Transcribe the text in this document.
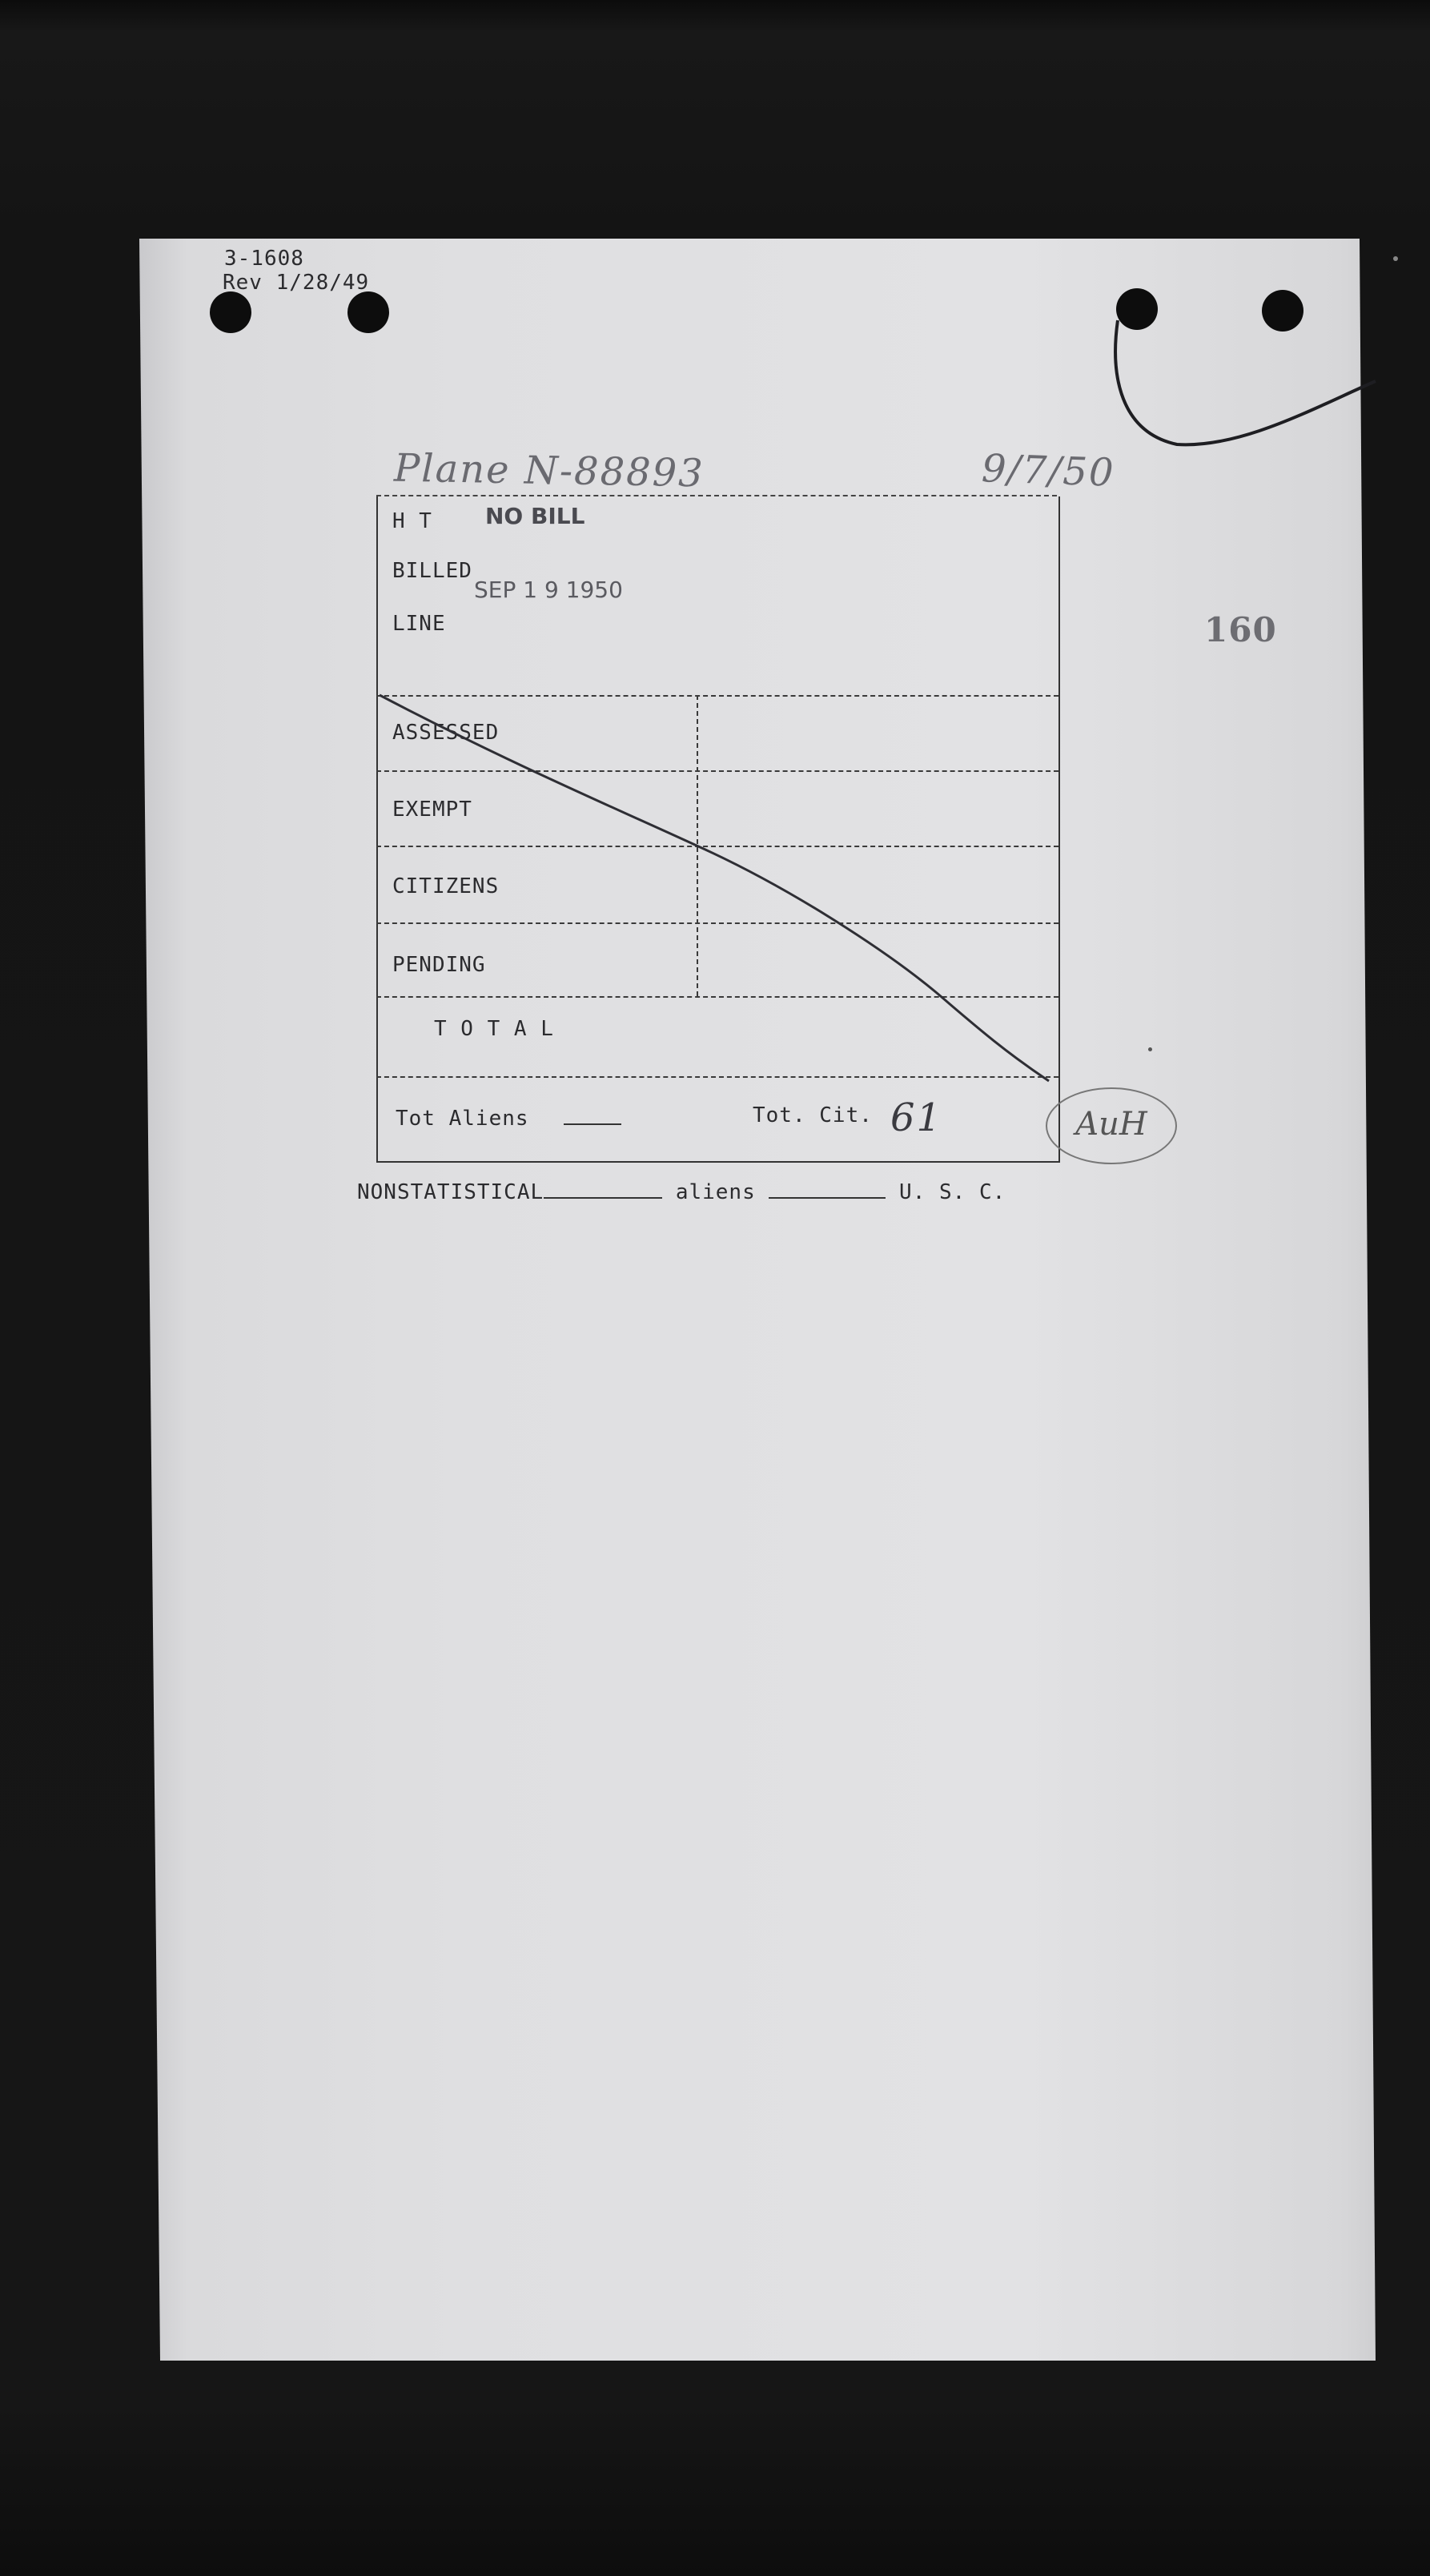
3-1608
Rev 1/28/49
Plane N-88893	9/7/50
160
H T NO BILL
BILLED
SEP 1 9 1950
LINE
ASSESSED
EXEMPT
CITIZENS
PENDING
T O T A L
Tot Aliens	Tot. Cit. 61	AuH
NONSTATISTICAL	aliens	U. S. C.
